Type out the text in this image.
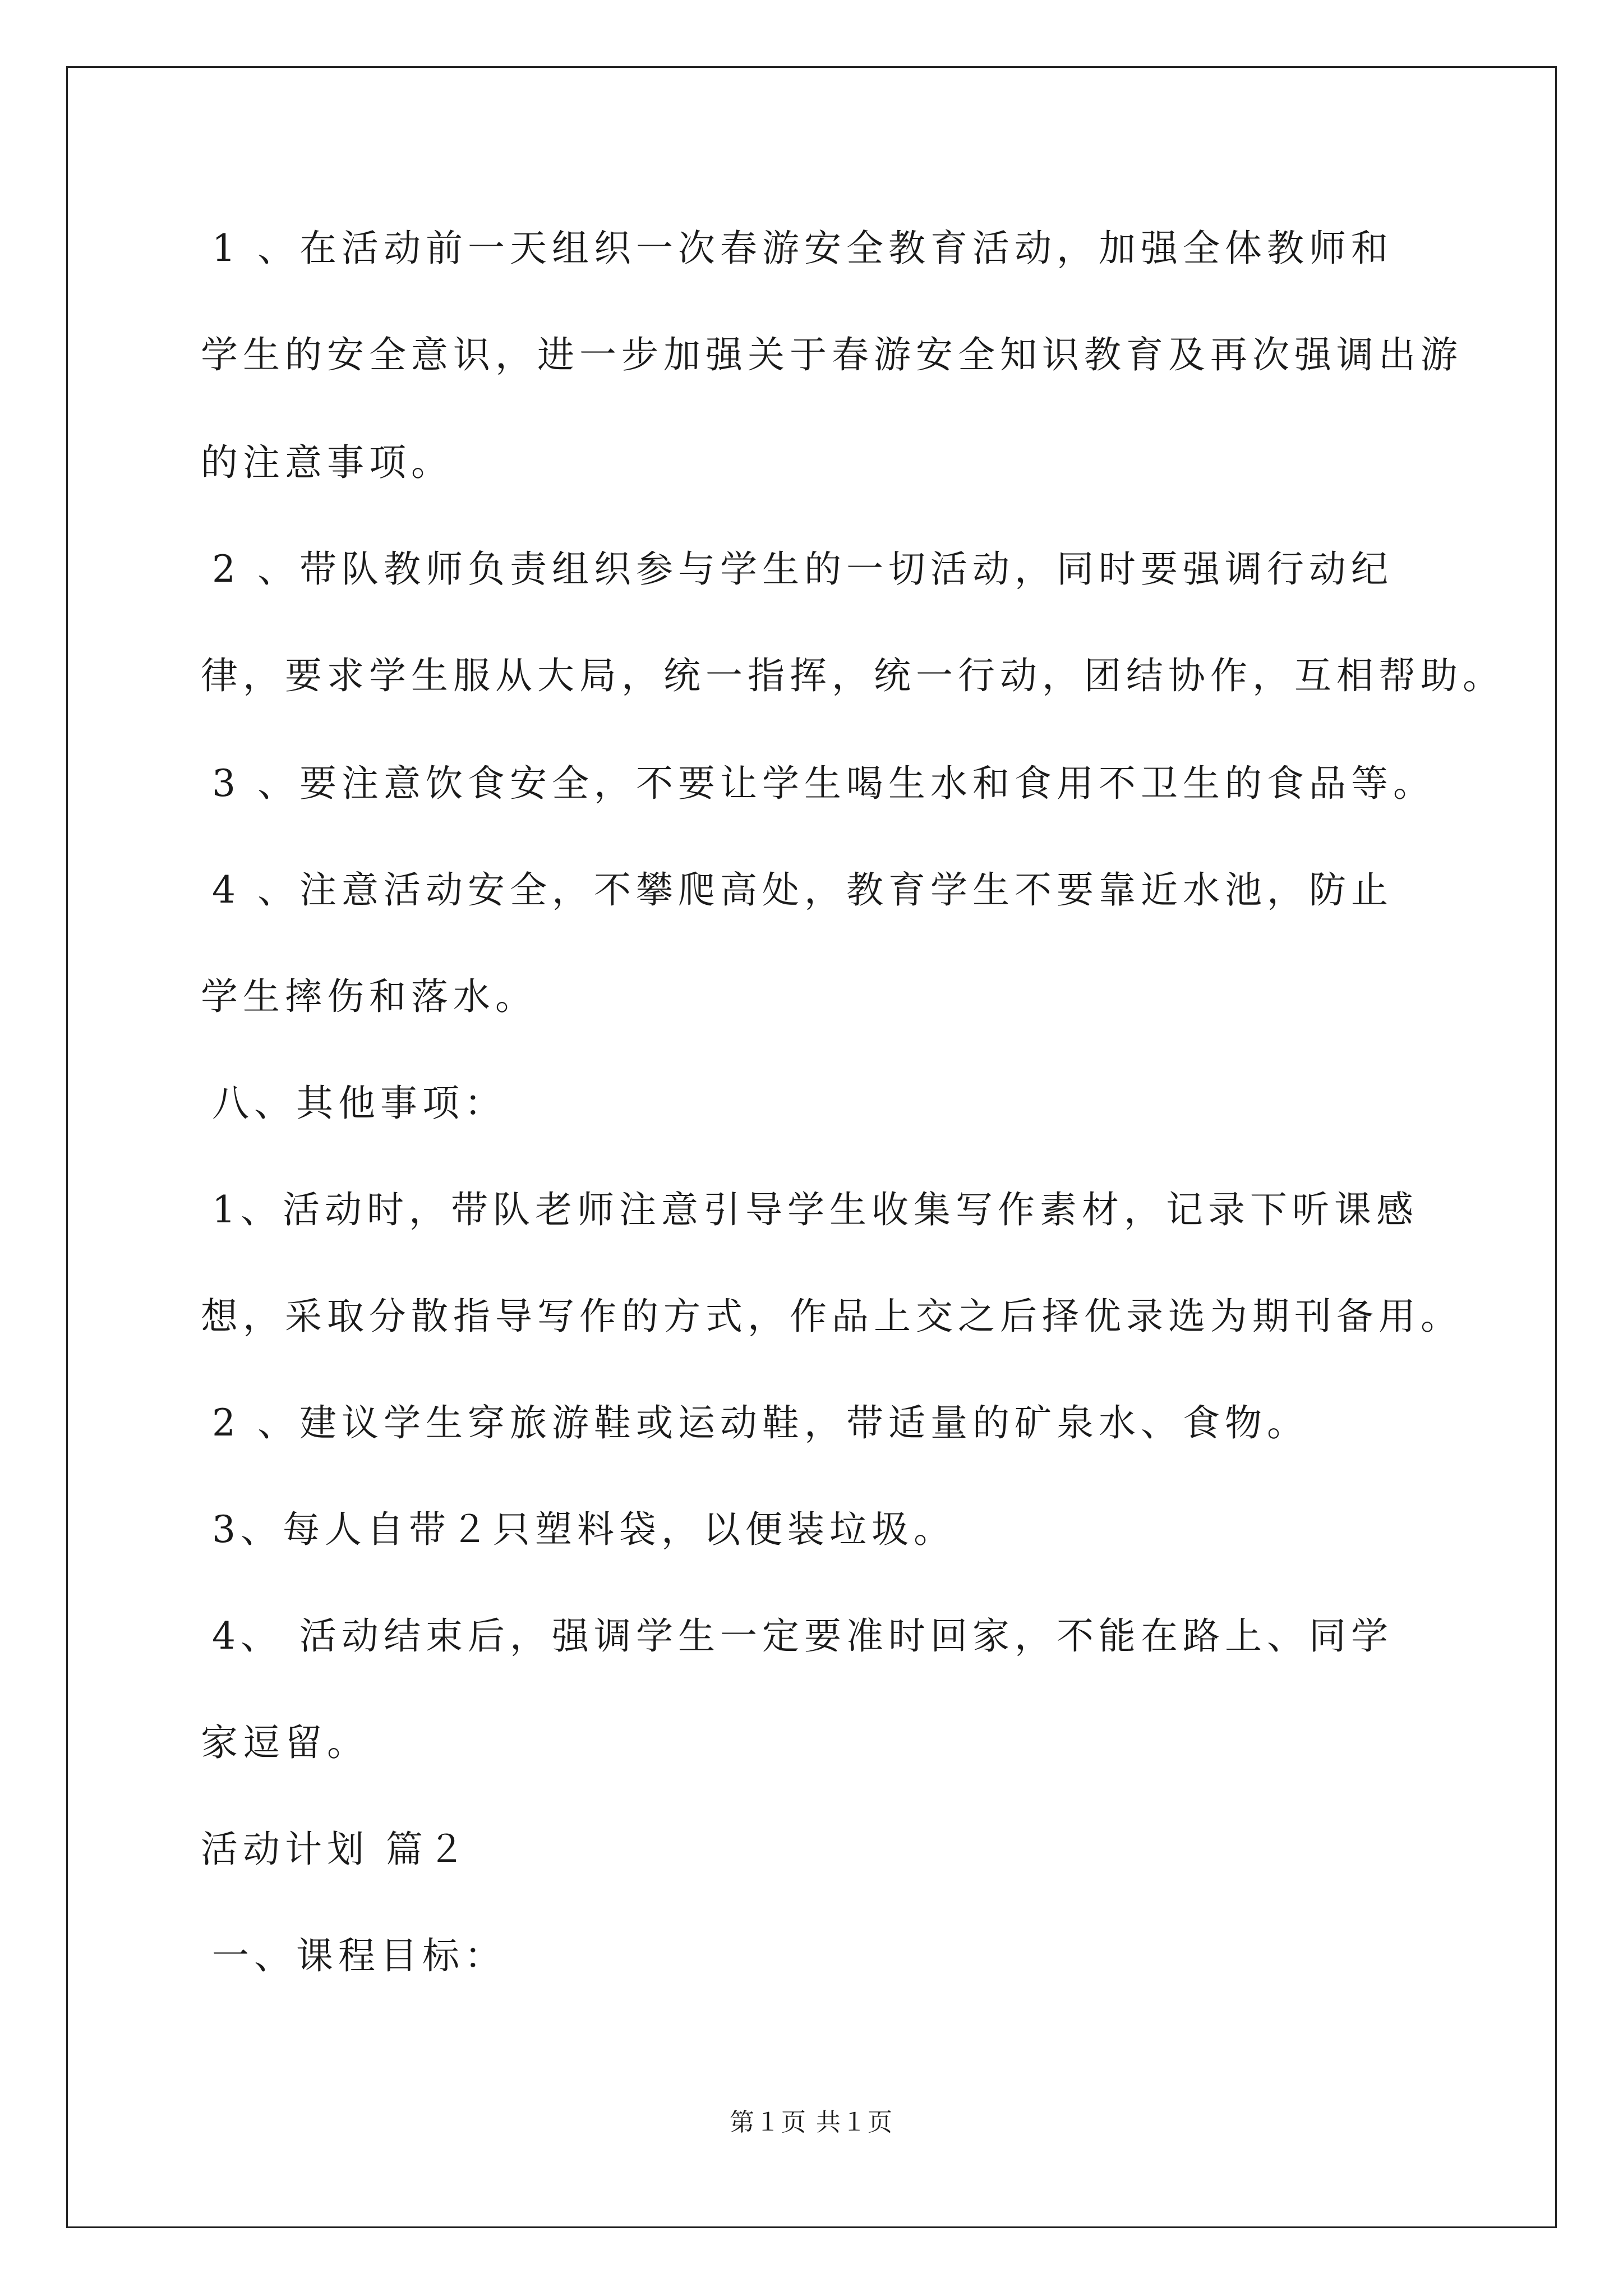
1 、在活动前一天组织一次春游安全教育活动，加强全体教师和
学生的安全意识，进一步加强关于春游安全知识教育及再次强调出游
的注意事项。
2 、带队教师负责组织参与学生的一切活动，同时要强调行动纪
律，要求学生服从大局，统一指挥，统一行动，团结协作，互相帮助。
3 、要注意饮食安全，不要让学生喝生水和食用不卫生的食品等。
4 、注意活动安全，不攀爬高处，教育学生不要靠近水池，防止
学生摔伤和落水。
八、其他事项：
1、活动时，带队老师注意引导学生收集写作素材，记录下听课感
想，采取分散指导写作的方式，作品上交之后择优录选为期刊备用。
2 、建议学生穿旅游鞋或运动鞋，带适量的矿泉水、食物。
3、每人自带２只塑料袋，以便装垃圾。
4、 活动结束后，强调学生一定要准时回家，不能在路上、同学
家逗留。
活动计划 篇２
一、课程目标：
第１页 共１页
